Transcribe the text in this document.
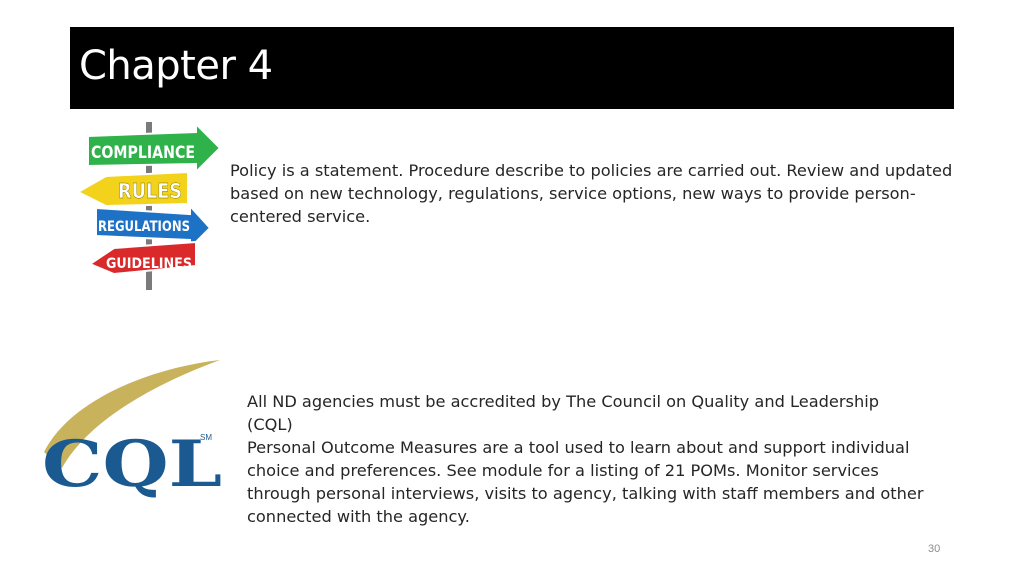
Chapter 4
COMPLIANCE
RULES
REGULATIONS
GUIDELINES
Policy is a statement. Procedure describe to policies are carried out. Review and updated based on new technology, regulations, service options, new ways to provide person-centered service.
CQL
SM
All ND agencies must be accredited by The Council on Quality and Leadership (CQL)
Personal Outcome Measures are a tool used to learn about and support individual choice and preferences. See module for a listing of 21 POMs. Monitor services through personal interviews, visits to agency, talking with staff members and other connected with the agency.
30
